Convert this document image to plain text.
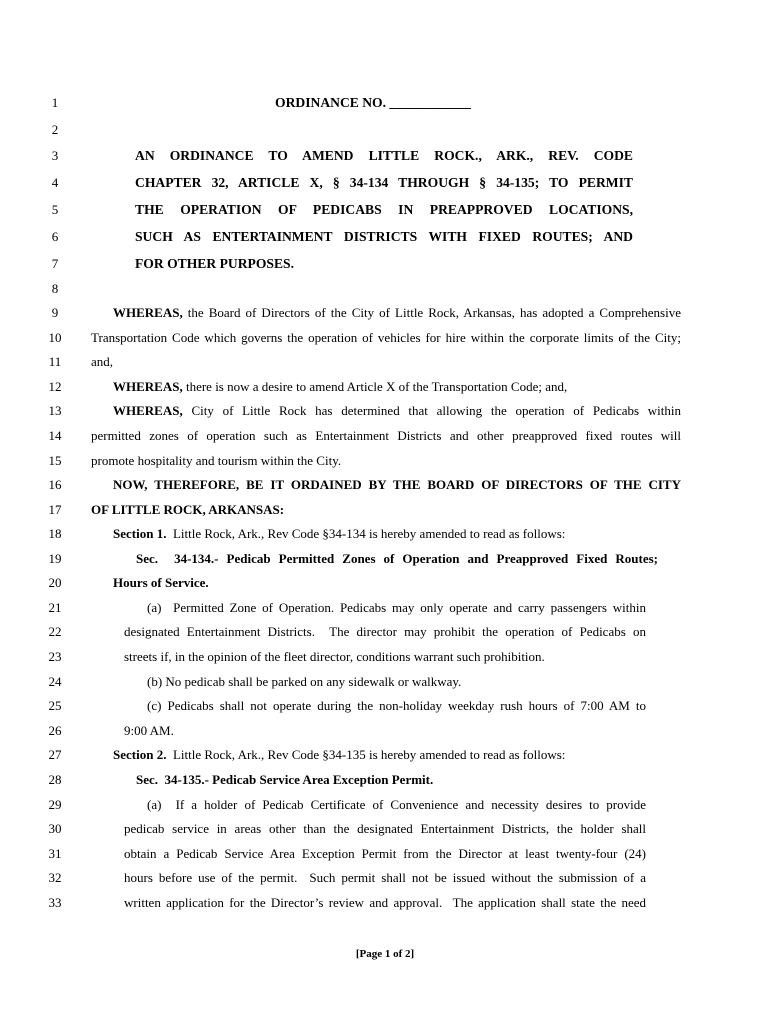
1
2
3
4
5
6
7
8
9
10
11
12
13
14
15
16
17
18
19
20
21
22
23
24
25
26
27
28
29
30
31
32
33
ORDINANCE NO. ____________
AN ORDINANCE TO AMEND LITTLE ROCK., ARK., REV. CODE
CHAPTER 32, ARTICLE X, § 34-134 THROUGH § 34-135; TO PERMIT
THE OPERATION OF PEDICABS IN PREAPPROVED LOCATIONS,
SUCH AS ENTERTAINMENT DISTRICTS WITH FIXED ROUTES; AND
FOR OTHER PURPOSES.
WHEREAS, the Board of Directors of the City of Little Rock, Arkansas, has adopted a Comprehensive
Transportation Code which governs the operation of vehicles for hire within the corporate limits of the City;
and,
WHEREAS, there is now a desire to amend Article X of the Transportation Code; and,
WHEREAS, City of Little Rock has determined that allowing the operation of Pedicabs within
permitted zones of operation such as Entertainment Districts and other preapproved fixed routes will
promote hospitality and tourism within the City.
NOW, THEREFORE, BE IT ORDAINED BY THE BOARD OF DIRECTORS OF THE CITY
OF LITTLE ROCK, ARKANSAS:
Section 1.  Little Rock, Ark., Rev Code §34-134 is hereby amended to read as follows:
Sec.  34-134.- Pedicab Permitted Zones of Operation and Preapproved Fixed Routes;
Hours of Service.
(a)  Permitted Zone of Operation. Pedicabs may only operate and carry passengers within
designated Entertainment Districts.  The director may prohibit the operation of Pedicabs on
streets if, in the opinion of the fleet director, conditions warrant such prohibition.
(b) No pedicab shall be parked on any sidewalk or walkway.
(c) Pedicabs shall not operate during the non-holiday weekday rush hours of 7:00 AM to
9:00 AM.
Section 2.  Little Rock, Ark., Rev Code §34-135 is hereby amended to read as follows:
Sec.  34-135.- Pedicab Service Area Exception Permit.
(a)  If a holder of Pedicab Certificate of Convenience and necessity desires to provide
pedicab service in areas other than the designated Entertainment Districts, the holder shall
obtain a Pedicab Service Area Exception Permit from the Director at least twenty-four (24)
hours before use of the permit.  Such permit shall not be issued without the submission of a
written application for the Director’s review and approval.  The application shall state the need
[Page 1 of 2]
